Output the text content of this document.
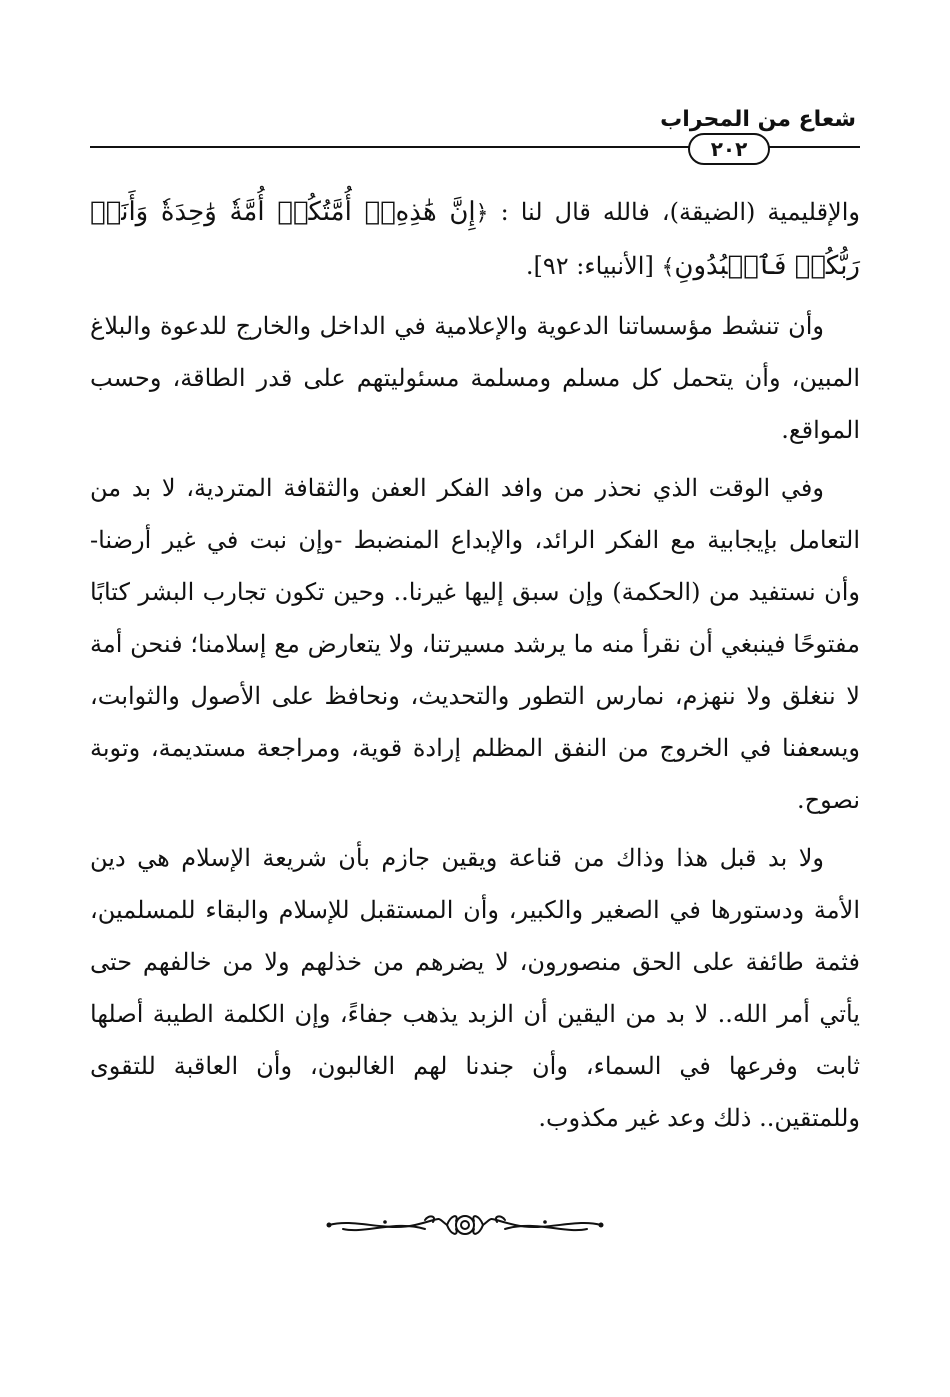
شعاع من المحراب
٢٠٢

والإقليمية (الضيقة)، فالله قال لنا : ﴿إِنَّ هَٰذِهِۦٓ أُمَّتُكُمۡ أُمَّةٗ وَٰحِدَةٗ وَأَنَا۠ رَبُّكُمۡ فَٱعۡبُدُونِ﴾ [الأنبياء: ٩٢].

وأن تنشط مؤسساتنا الدعوية والإعلامية في الداخل والخارج للدعوة والبلاغ المبين، وأن يتحمل كل مسلم ومسلمة مسئوليتهم على قدر الطاقة، وحسب المواقع.

وفي الوقت الذي نحذر من وافد الفكر العفن والثقافة المتردية، لا بد من التعامل بإيجابية مع الفكر الرائد، والإبداع المنضبط -وإن نبت في غير أرضنا- وأن نستفيد من (الحكمة) وإن سبق إليها غيرنا.. وحين تكون تجارب البشر كتابًا مفتوحًا فينبغي أن نقرأ منه ما يرشد مسيرتنا، ولا يتعارض مع إسلامنا؛ فنحن أمة لا ننغلق ولا ننهزم، نمارس التطور والتحديث، ونحافظ على الأصول والثوابت، ويسعفنا في الخروج من النفق المظلم إرادة قوية، ومراجعة مستديمة، وتوبة نصوح.

ولا بد قبل هذا وذاك من قناعة ويقين جازم بأن شريعة الإسلام هي دين الأمة ودستورها في الصغير والكبير، وأن المستقبل للإسلام والبقاء للمسلمين، فثمة طائفة على الحق منصورون، لا يضرهم من خذلهم ولا من خالفهم حتى يأتي أمر الله.. لا بد من اليقين أن الزبد يذهب جفاءً، وإن الكلمة الطيبة أصلها ثابت وفرعها في السماء، وأن جندنا لهم الغالبون، وأن العاقبة للتقوى وللمتقين.. ذلك وعد غير مكذوب.
